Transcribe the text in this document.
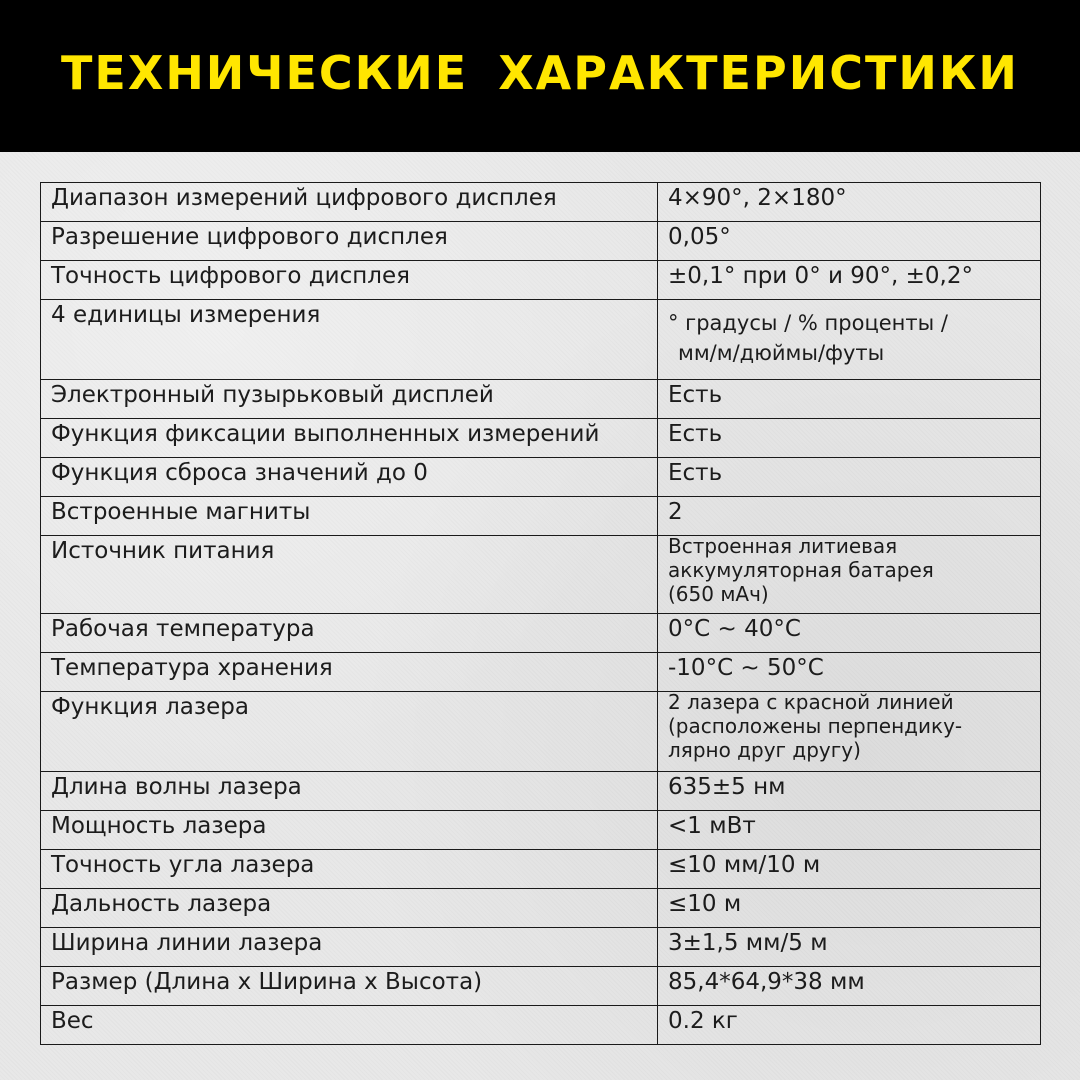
ТЕХНИЧЕСКИЕ ХАРАКТЕРИСТИКИ
Диапазон измерений цифрового дисплея	4×90°, 2×180°

Разрешение цифрового дисплея	0,05°

Точность цифрового дисплея	±0,1° при 0° и 90°, ±0,2°

4 единицы измерения	° градусы / % проценты /
мм/м/дюймы/футы

Электронный пузырьковый дисплей	Есть

Функция фиксации выполненных измерений	Есть

Функция сброса значений до 0	Есть

Встроенные магниты	2

Источник питания	Встроенная литиевая
аккумуляторная батарея
(650 мАч)

Рабочая температура	0°С ~ 40°С

Температура хранения	-10°С ~ 50°С

Функция лазера	2 лазера с красной линией
(расположены перпендику-
лярно друг другу)

Длина волны лазера	635±5 нм

Мощность лазера	<1 мВт

Точность угла лазера	≤10 мм/10 м

Дальность лазера	≤10 м

Ширина линии лазера	3±1,5 мм/5 м

Размер (Длина х Ширина х Высота)	85,4*64,9*38 мм

Вес	0.2 кг
